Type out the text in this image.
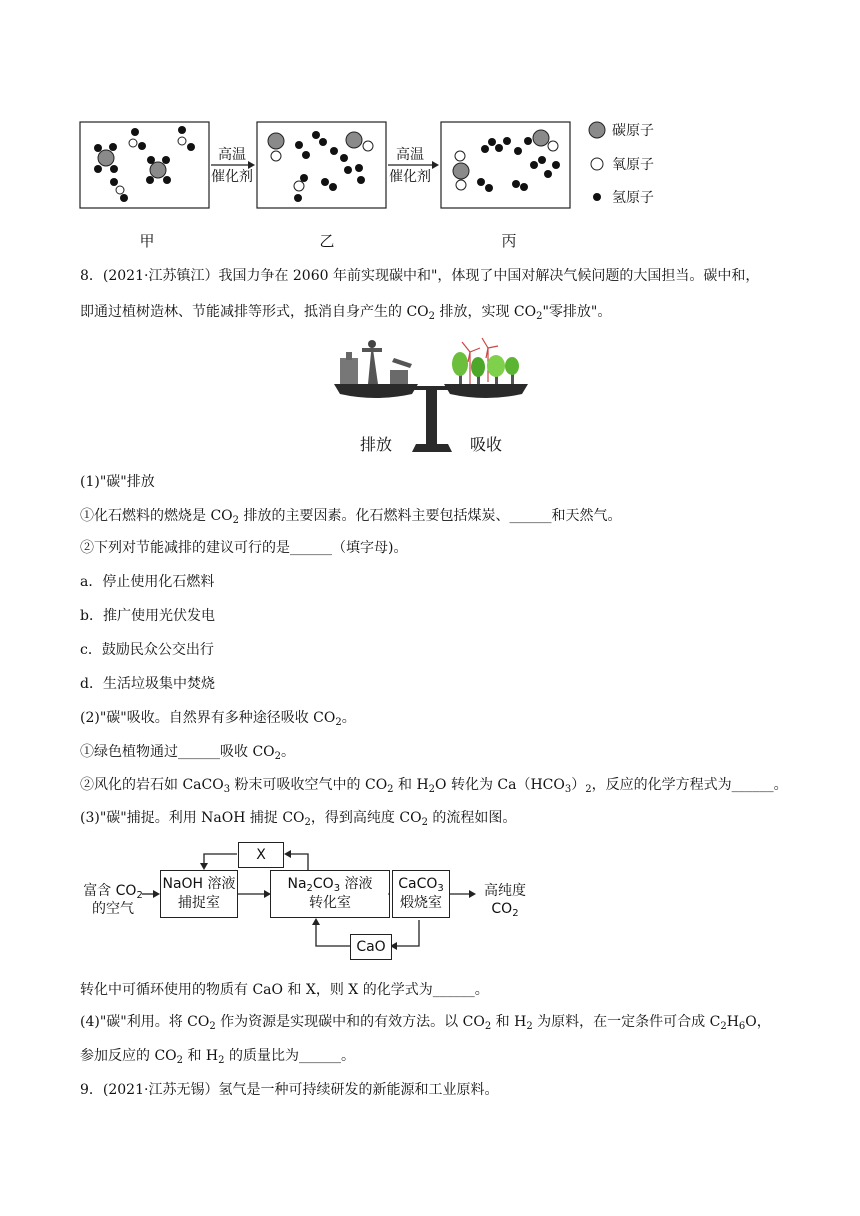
高温
催化剂
高温
催化剂
碳原子
氧原子
氢原子
甲	乙	丙
8．(2021·江苏镇江）我国力争在 2060 年前实现碳中和"，体现了中国对解决气候问题的大国担当。碳中和，
即通过植树造林、节能减排等形式，抵消自身产生的 $CO_2$ 排放，实现 $CO_2$"零排放"。
排放	吸收
(1)"碳"排放
①化石燃料的燃烧是 $CO_2$ 排放的主要因素。化石燃料主要包括煤炭、______和天然气。
②下列对节能减排的建议可行的是______（填字母)。
a．停止使用化石燃料
b．推广使用光伏发电
c．鼓励民众公交出行
d．生活垃圾集中焚烧
(2)"碳"吸收。自然界有多种途径吸收 $CO_2$。
①绿色植物通过______吸收 $CO_2$。
②风化的岩石如 CaCO$_3$ 粉末可吸收空气中的 $CO_2$ 和 $H_2O$ 转化为 $Ca(HCO_3)_2$，反应的化学方程式为______。
(3)"碳"捕捉。利用 NaOH 捕捉 $CO_2$，得到高纯度 $CO_2$ 的流程如图。
富含 $CO_2$
的空气
NaOH 溶液
捕捉室
$Na_2CO_3$ 溶液
转化室
CaCO$_3$
煅烧室
高纯度
$CO_2$
X
CaO
转化中可循环使用的物质有 CaO 和 X，则 X 的化学式为______。
(4)"碳"利用。将 $CO_2$ 作为资源是实现碳中和的有效方法。以 $CO_2$ 和 $H_2$ 为原料，在一定条件可合成 $C_2H_6O$，
参加反应的 $CO_2$ 和 $H_2$ 的质量比为______。
9．(2021·江苏无锡）氢气是一种可持续研发的新能源和工业原料。
